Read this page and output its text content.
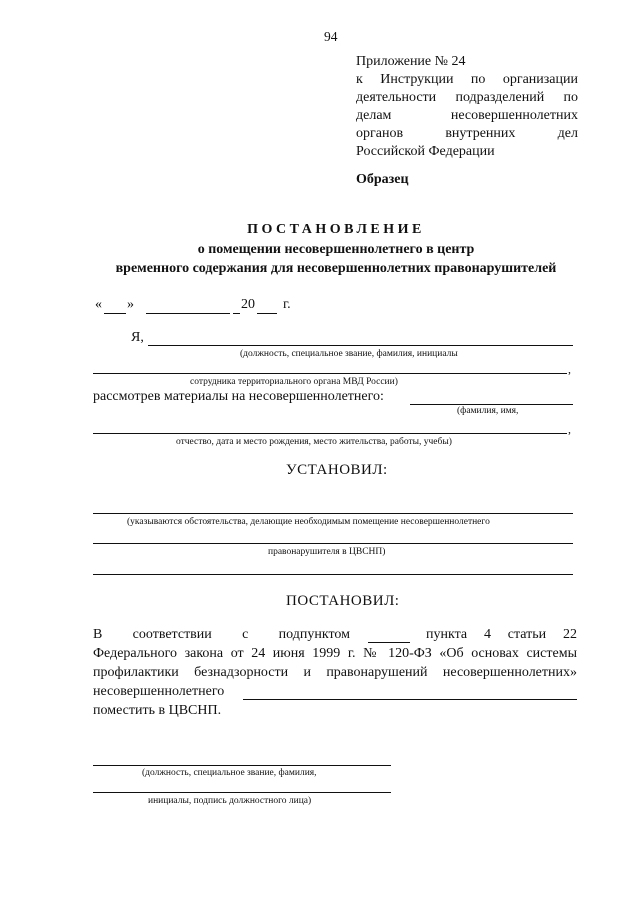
94
Приложение № 24
к Инструкции по организации
деятельности подразделений по
делам несовершеннолетних
органов внутренних дел
Российской Федерации
Образец
ПОСТАНОВЛЕНИЕ
о помещении несовершеннолетнего в центр
временного содержания для несовершеннолетних правонарушителей
« »	20 г.
Я,
(должность, специальное звание, фамилия, инициалы
,
сотрудника территориального органа МВД России)
рассмотрев материалы на несовершеннолетнего:
(фамилия, имя,
,
отчество, дата и место рождения, место жительства, работы, учебы)
УСТАНОВИЛ:
(указываются обстоятельства, делающие необходимым помещение несовершеннолетнего
правонарушителя в ЦВСНП)
ПОСТАНОВИЛ:
В соответствии с подпунктом	пункта 4 статьи 22
Федерального закона от 24 июня 1999 г. № 120-ФЗ «Об основах системы
профилактики безнадзорности и правонарушений несовершеннолетних»
несовершеннолетнего
поместить в ЦВСНП.
(должность, специальное звание, фамилия,
инициалы, подпись должностного лица)
